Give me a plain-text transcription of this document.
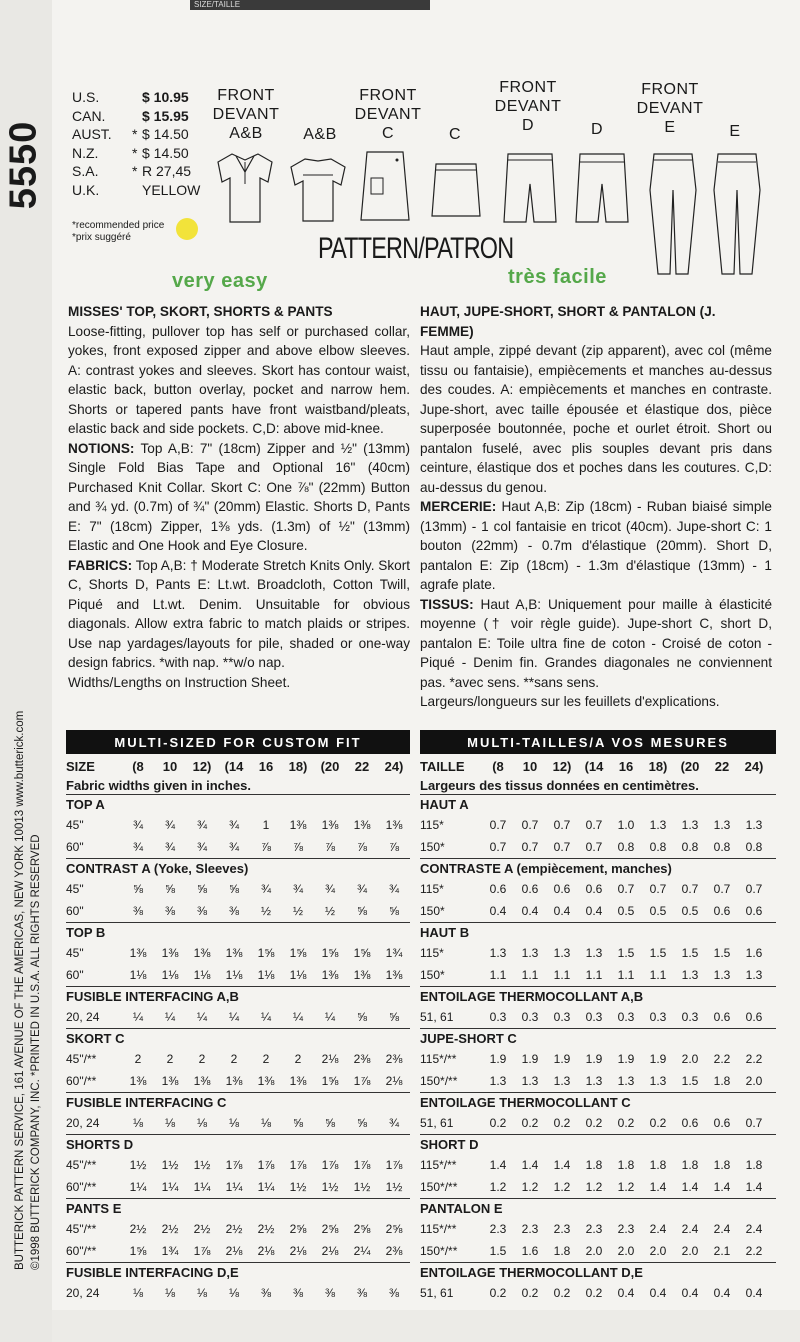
SIZE/TAILLE
5550
BUTTERICK PATTERN SERVICE, 161 AVENUE OF THE AMERICAS, NEW YORK 10013 www.butterick.com ©1998 BUTTERICK COMPANY, INC. *PRINTED IN U.S.A. ALL RIGHTS RESERVED
U.S.	$ 10.95
CAN.	$ 15.95
AUST.	* $ 14.50
N.Z.	* $ 14.50
S.A.	* R 27,45
U.K.	YELLOW
*recommended price
*prix suggéré
FRONT
DEVANT
A&B	A&B
FRONT
DEVANT
C	C
FRONT
DEVANT
D	D
FRONT
DEVANT
E	E
PATTERN/PATRON
very easy	très facile

MISSES' TOP, SKORT, SHORTS & PANTS

Loose-fitting, pullover top has self or purchased collar, yokes, front exposed zipper and above elbow sleeves. A: contrast yokes and sleeves. Skort has contour waist, elastic back, button overlay, pocket and narrow hem. Shorts or tapered pants have front waistband/pleats, elastic back and side pockets. C,D: above mid-knee.

NOTIONS: Top A,B: 7" (18cm) Zipper and ½" (13mm) Single Fold Bias Tape and Optional 16" (40cm) Purchased Knit Collar. Skort C: One ⅞" (22mm) Button and ¾ yd. (0.7m) of ¾" (20mm) Elastic. Shorts D, Pants E: 7" (18cm) Zipper, 1⅜ yds. (1.3m) of ½" (13mm) Elastic and One Hook and Eye Closure.

FABRICS: Top A,B: † Moderate Stretch Knits Only. Skort C, Shorts D, Pants E: Lt.wt. Broadcloth, Cotton Twill, Piqué and Lt.wt. Denim. Unsuitable for obvious diagonals. Allow extra fabric to match plaids or stripes. Use nap yardages/layouts for pile, shaded or one-way design fabrics. *with nap. **w/o nap.

Widths/Lengths on Instruction Sheet.

HAUT, JUPE-SHORT, SHORT & PANTALON (J. FEMME)

Haut ample, zippé devant (zip apparent), avec col (même tissu ou fantaisie), empiècements et manches au-dessus des coudes. A: empiècements et manches en contraste. Jupe-short, avec taille épousée et élastique dos, pièce superposée boutonnée, poche et ourlet étroit. Short ou pantalon fuselé, avec plis souples devant pris dans ceinture, élastique dos et poches dans les coutures. C,D: au-dessus du genou.

MERCERIE: Haut A,B: Zip (18cm) - Ruban biaisé simple (13mm) - 1 col fantaisie en tricot (40cm). Jupe-short C: 1 bouton (22mm) - 0.7m d'élastique (20mm). Short D, pantalon E: Zip (18cm) - 1.3m d'élastique (13mm) - 1 agrafe plate.

TISSUS: Haut A,B: Uniquement pour maille à élasticité moyenne († voir règle guide). Jupe-short C, short D, pantalon E: Toile ultra fine de coton - Croisé de coton - Piqué - Denim fin. Grandes diagonales ne conviennent pas. *avec sens. **sans sens.

Largeurs/longueurs sur les feuillets d'explications.

MULTI-SIZED FOR CUSTOM FIT	MULTI-TAILLES/A VOS MESURES
SIZE	(8	10	12)	(14	16	18)	(20	22	24)
Fabric widths given in inches.
TOP A
45"	¾	¾	¾	¾	1	1⅜	1⅜	1⅜	1⅜
60"	¾	¾	¾	¾	⅞	⅞	⅞	⅞	⅞
CONTRAST A (Yoke, Sleeves)
45"	⅝	⅝	⅝	⅝	¾	¾	¾	¾	¾
60"	⅜	⅜	⅜	⅜	½	½	½	⅝	⅝
TOP B
45"	1⅜	1⅜	1⅜	1⅜	1⅝	1⅝	1⅝	1⅝	1¾
60"	1⅛	1⅛	1⅛	1⅛	1⅛	1⅛	1⅜	1⅜	1⅜
FUSIBLE INTERFACING A,B
20, 24	¼	¼	¼	¼	¼	¼	¼	⅝	⅝
SKORT C
45"/**	2	2	2	2	2	2	2⅛	2⅜	2⅜
60"/**	1⅜	1⅜	1⅜	1⅜	1⅜	1⅜	1⅝	1⅞	2⅛
FUSIBLE INTERFACING C
20, 24	⅛	⅛	⅛	⅛	⅛	⅝	⅝	⅝	¾
SHORTS D
45"/**	1½	1½	1½	1⅞	1⅞	1⅞	1⅞	1⅞	1⅞
60"/**	1¼	1¼	1¼	1¼	1¼	1½	1½	1½	1½
PANTS E
45"/**	2½	2½	2½	2½	2½	2⅝	2⅝	2⅝	2⅝
60"/**	1⅝	1¾	1⅞	2⅛	2⅛	2⅛	2⅛	2¼	2⅜
FUSIBLE INTERFACING D,E
20, 24	⅛	⅛	⅛	⅛	⅜	⅜	⅜	⅜	⅜
TAILLE	(8	10	12)	(14	16	18)	(20	22	24)
Largeurs des tissus données en centimètres.
HAUT A
115*	0.7	0.7	0.7	0.7	1.0	1.3	1.3	1.3	1.3
150*	0.7	0.7	0.7	0.7	0.8	0.8	0.8	0.8	0.8
CONTRASTE A (empiècement, manches)
115*	0.6	0.6	0.6	0.6	0.7	0.7	0.7	0.7	0.7
150*	0.4	0.4	0.4	0.4	0.5	0.5	0.5	0.6	0.6
HAUT B
115*	1.3	1.3	1.3	1.3	1.5	1.5	1.5	1.5	1.6
150*	1.1	1.1	1.1	1.1	1.1	1.1	1.3	1.3	1.3
ENTOILAGE THERMOCOLLANT A,B
51, 61	0.3	0.3	0.3	0.3	0.3	0.3	0.3	0.6	0.6
JUPE-SHORT C
115*/**	1.9	1.9	1.9	1.9	1.9	1.9	2.0	2.2	2.2
150*/**	1.3	1.3	1.3	1.3	1.3	1.3	1.5	1.8	2.0
ENTOILAGE THERMOCOLLANT C
51, 61	0.2	0.2	0.2	0.2	0.2	0.2	0.6	0.6	0.7
SHORT D
115*/**	1.4	1.4	1.4	1.8	1.8	1.8	1.8	1.8	1.8
150*/**	1.2	1.2	1.2	1.2	1.2	1.4	1.4	1.4	1.4
PANTALON E
115*/**	2.3	2.3	2.3	2.3	2.3	2.4	2.4	2.4	2.4
150*/**	1.5	1.6	1.8	2.0	2.0	2.0	2.0	2.1	2.2
ENTOILAGE THERMOCOLLANT D,E
51, 61	0.2	0.2	0.2	0.2	0.4	0.4	0.4	0.4	0.4
